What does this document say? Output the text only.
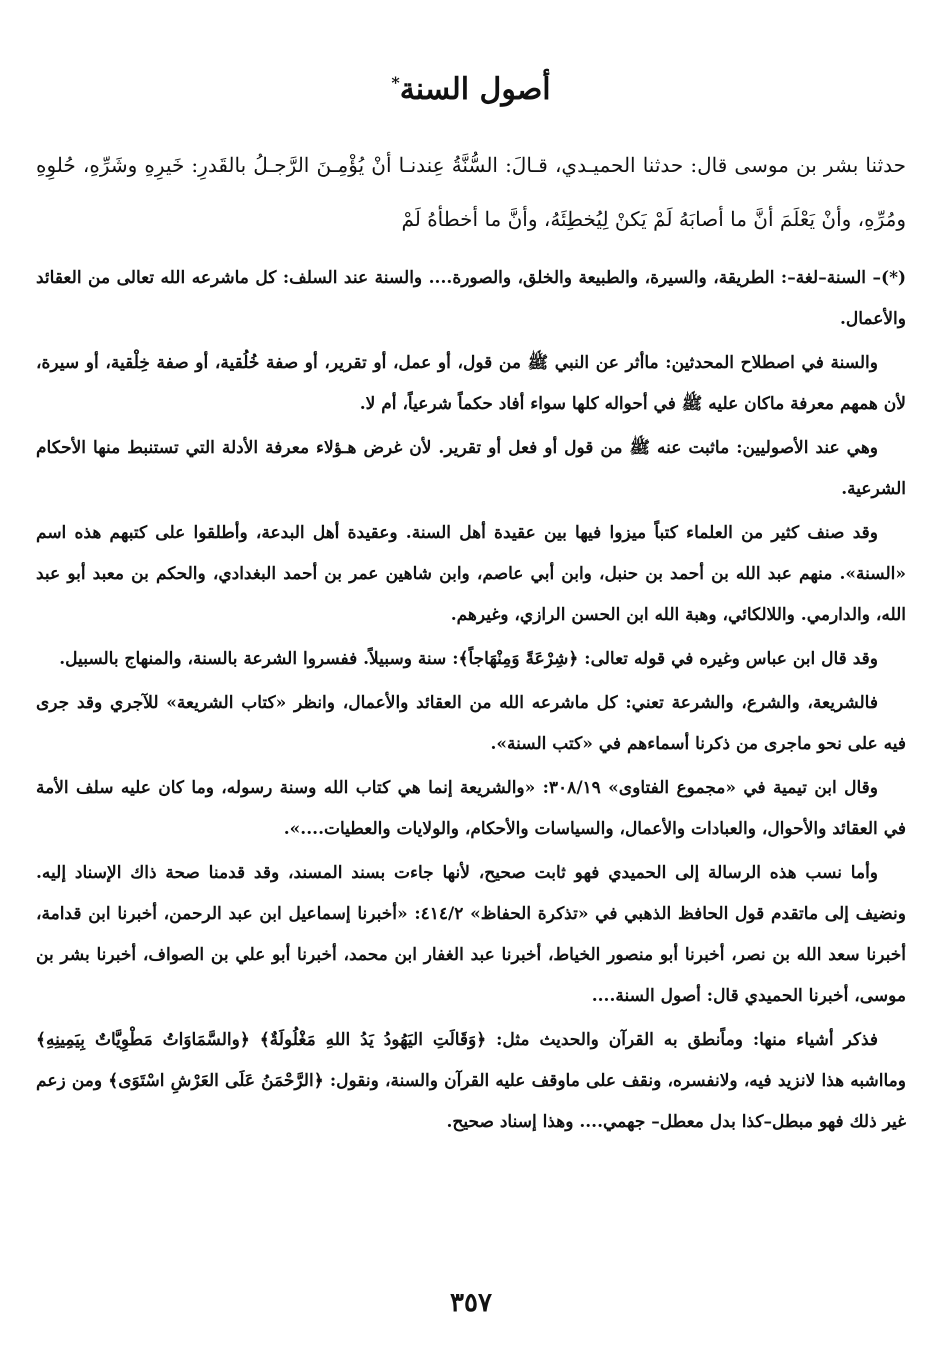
أصول السنة*
حدثنا بشر بن موسى قال: حدثنا الحميـدي، قـالَ: السُّنَّةُ عِندنـا أنْ يُؤْمِـنَ الرَّجـلُ بالقَدرِ: خَيرِهِ وشَرِّهِ، حُلوِهِ ومُرِّهِ، وأنْ يَعْلَمَ أنَّ ما أصابَهُ لَمْ يَكنْ لِيُخطِئَهُ، وأنَّ ما أخطأهُ لَمْ

(*)– السنة–لغة–: الطريقة، والسيرة، والطبيعة والخلق، والصورة.... والسنة عند السلف: كل ماشرعه الله تعالى من العقائد والأعمال.

والسنة في اصطلاح المحدثين: ماأثر عن النبي ﷺ من قول، أو عمل، أو تقرير، أو صفة خُلُقية، أو صفة خِلْقية، أو سيرة، لأن همهم معرفة ماكان عليه ﷺ في أحواله كلها سواء أفاد حكماً شرعياً، أم لا.

وهي عند الأصوليين: ماثبت عنه ﷺ من قول أو فعل أو تقرير. لأن غرض هـؤلاء معرفة الأدلة التي تستنبط منها الأحكام الشرعية.

وقد صنف كثير من العلماء كتباً ميزوا فيها بين عقيدة أهل السنة. وعقيدة أهل البدعة، وأطلقوا على كتبهم هذه اسم «السنة». منهم عبد الله بن أحمد بن حنبل، وابن أبي عاصم، وابن شاهين عمر بن أحمد البغدادي، والحكم بن معبد أبو عبد الله، والدارمي. واللالكائي، وهبة الله ابن الحسن الرازي، وغيرهم.

وقد قال ابن عباس وغيره في قوله تعالى: ﴿شِرْعَةً وَمِنْهَاجاً﴾: سنة وسبيلاً. ففسروا الشرعة بالسنة، والمنهاج بالسبيل.

فالشريعة، والشرع، والشرعة تعني: كل ماشرعه الله من العقائد والأعمال، وانظر «كتاب الشريعة» للآجري وقد جرى فيه على نحو ماجرى من ذكرنا أسماءهم في «كتب السنة».

وقال ابن تيمية في «مجموع الفتاوى» ٣٠٨/١٩: «والشريعة إنما هي كتاب الله وسنة رسوله، وما كان عليه سلف الأمة في العقائد والأحوال، والعبادات والأعمال، والسياسات والأحكام، والولايات والعطيات....».

وأما نسب هذه الرسالة إلى الحميدي فهو ثابت صحيح، لأنها جاءت بسند المسند، وقد قدمنا صحة ذاك الإسناد إليه. ونضيف إلى ماتقدم قول الحافظ الذهبي في «تذكرة الحفاظ» ٤١٤/٢: «أخبرنا إسماعيل ابن عبد الرحمن، أخبرنا ابن قدامة، أخبرنا سعد الله بن نصر، أخبرنا أبو منصور الخياط، أخبرنا عبد الغفار ابن محمد، أخبرنا أبو علي بن الصواف، أخبرنا بشر بن موسى، أخبرنا الحميدي قال: أصول السنة....

فذكر أشياء منها: وماًنطق به القرآن والحديث مثل: ﴿وَقَالَتِ اليَهُودُ يَدُ اللهِ مَغْلُولَةٌ﴾ ﴿والسَّمَاوَاتُ مَطْوِيَّاتٌ بِيَمِينِهِ﴾ ومااشبه هذا لانزيد فيه، ولانفسره، ونقف على ماوقف عليه القرآن والسنة، ونقول: ﴿الرَّحْمَنُ عَلَى العَرْشِ اسْتَوَى﴾ ومن زعم غير ذلك فهو مبطل–كذا بدل معطل– جهمي.... وهذا إسناد صحيح.

٣٥٧
